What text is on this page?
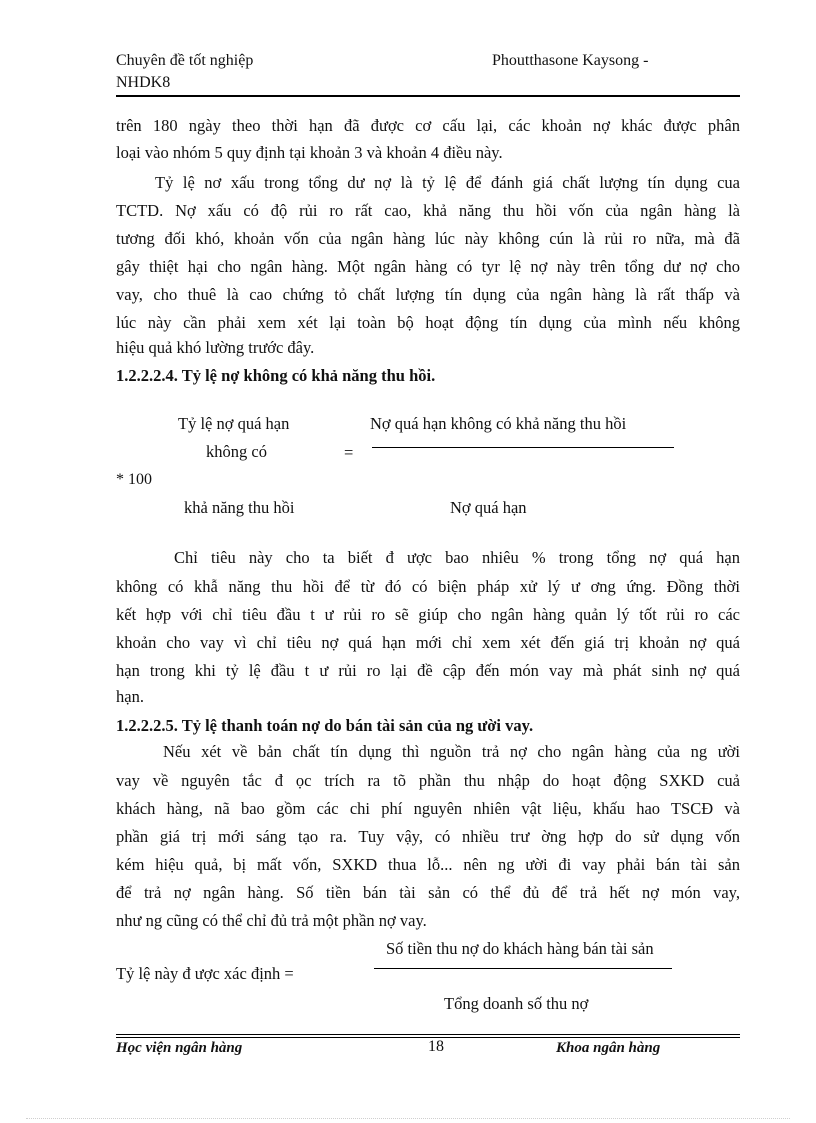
Chuyên đề tốt nghiệp
NHDK8
Phoutthasone Kaysong -
trên 180 ngày theo thời hạn đã được cơ cấu lại, các khoản nợ khác được phân
loại vào nhóm 5 quy định tại khoản 3 và khoản 4 điều này.
Tỷ lệ nơ xấu trong tổng dư nợ là tỷ lệ để đánh giá chất lượng tín dụng cua
TCTD. Nợ xấu có độ rủi ro rất cao, khả năng thu hồi vốn của ngân hàng là
tương đối khó, khoản vốn của ngân hàng lúc này không cún là rủi ro nữa, mà đã
gây thiệt hại cho ngân hàng. Một ngân hàng có tyr lệ nợ này trên tổng dư nợ cho
vay, cho thuê là cao chứng tỏ chất lượng tín dụng của ngân hàng là rất thấp và
lúc này cần phải xem xét lại toàn bộ hoạt động tín dụng của mình nếu không
hiệu quả khó lường trước đây.
1.2.2.2.4. Tỷ lệ nợ không có khả năng thu hồi.
Tỷ lệ nợ quá hạn
không có	=
Nợ quá hạn không có khả năng thu hồi
* 100
khả năng thu hồi	Nợ quá hạn
Chỉ tiêu này cho ta biết đ ược bao nhiêu % trong tổng nợ quá hạn
không có khẫ năng thu hồi để từ đó có biện pháp xử lý ư ơng ứng. Đồng thời
kết hợp với chỉ tiêu đầu t ư rủi ro sẽ giúp cho ngân hàng quản lý tốt rủi ro các
khoản cho vay vì chỉ tiêu nợ quá hạn mới chỉ xem xét đến giá trị khoản nợ quá
hạn trong khi tỷ lệ đầu t ư rủi ro lại đề cập đến món vay mà phát sinh nợ quá
hạn.
1.2.2.2.5. Tỷ lệ thanh toán nợ do bán tài sản của ng ười vay.
Nếu xét về bản chất tín dụng thì nguồn trả nợ cho ngân hàng của ng ười
vay về nguyên tắc đ ọc trích ra tõ phần thu nhập do hoạt động SXKD cuả
khách hàng, nã bao gồm các chi phí nguyên nhiên vật liệu, khấu hao TSCĐ và
phần giá trị mới sáng tạo ra. Tuy vậy, có nhiều trư ờng hợp do sử dụng vốn
kém hiệu quả, bị mất vốn, SXKD thua lỗ... nên ng ười đi vay phải bán tài sản
để trả nợ ngân hàng. Số tiền bán tài sản có thể đủ để trả hết nợ món vay,
như ng cũng có thể chỉ đủ trả một phần nợ vay.
Số tiền thu nợ do khách hàng bán tài sản
Tỷ lệ này đ ược xác định =
Tổng doanh số thu nợ
Học viện ngân hàng	18	Khoa ngân hàng
